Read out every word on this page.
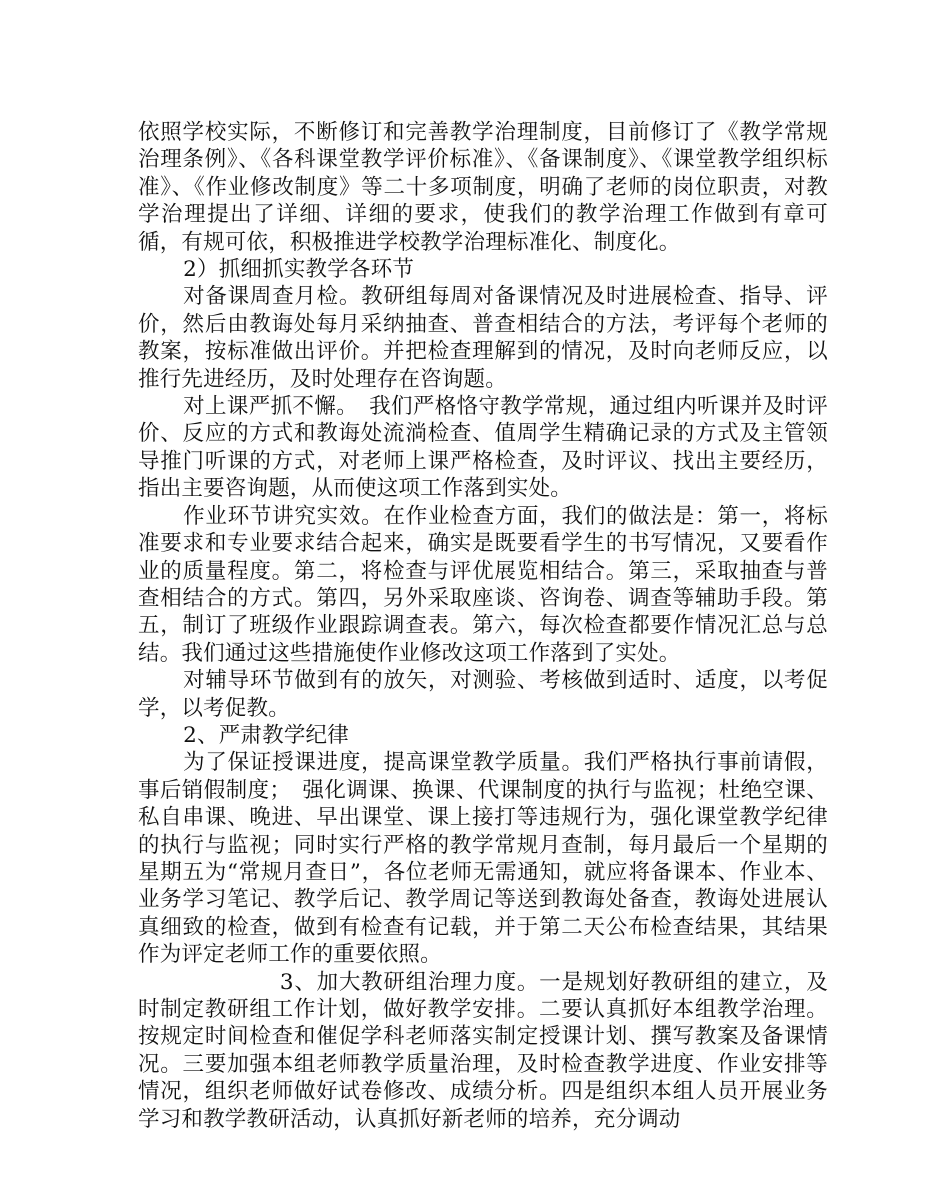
依照学校实际，不断修订和完善教学治理制度，目前修订了《教学常规治理条例》、《各科课堂教学评价标准》、《备课制度》、《课堂教学组织标准》、《作业修改制度》等二十多项制度，明确了老师的岗位职责，对教学治理提出了详细、详细的要求，使我们的教学治理工作做到有章可循，有规可依，积极推进学校教学治理标准化、制度化。

2）抓细抓实教学各环节

对备课周查月检。教研组每周对备课情况及时进展检查、指导、评价，然后由教诲处每月采纳抽查、普查相结合的方法，考评每个老师的教案，按标准做出评价。并把检查理解到的情况，及时向老师反应，以推行先进经历，及时处理存在咨询题。

对上课严抓不懈。　我们严格恪守教学常规，通过组内听课并及时评价、反应的方式和教诲处流淌检查、值周学生精确记录的方式及主管领导推门听课的方式，对老师上课严格检查，及时评议、找出主要经历，指出主要咨询题，从而使这项工作落到实处。

作业环节讲究实效。在作业检查方面，我们的做法是：第一，将标准要求和专业要求结合起来，确实是既要看学生的书写情况，又要看作业的质量程度。第二，将检查与评优展览相结合。第三，采取抽查与普查相结合的方式。第四，另外采取座谈、咨询卷、调查等辅助手段。第　　五，制订了班级作业跟踪调查表。第六，每次检查都要作情况汇总与总结。我们通过这些措施使作业修改这项工作落到了实处。

对辅导环节做到有的放矢，对测验、考核做到适时、适度，以考促学，以考促教。

2、严肃教学纪律

为了保证授课进度，提高课堂教学质量。我们严格执行事前请假，事后销假制度；　强化调课、换课、代课制度的执行与监视；杜绝空课、私自串课、晚进、早出课堂、课上接打等违规行为，强化课堂教学纪律的执行与监视；同时实行严格的教学常规月查制，每月最后一个星期的星期五为“常规月查日”，各位老师无需通知，就应将备课本、作业本、业务学习笔记、教学后记、教学周记等送到教诲处备查，教诲处进展认真细致的检查，做到有检查有记载，并于第二天公布检查结果，其结果作为评定老师工作的重要依照。

3、加大教研组治理力度。一是规划好教研组的建立，及时制定教研组工作计划，做好教学安排。二要认真抓好本组教学治理。按规定时间检查和催促学科老师落实制定授课计划、撰写教案及备课情况。三要加强本组老师教学质量治理，及时检查教学进度、作业安排等情况，组织老师做好试卷修改、成绩分析。四是组织本组人员开展业务学习和教学教研活动，认真抓好新老师的培养，充分调动
